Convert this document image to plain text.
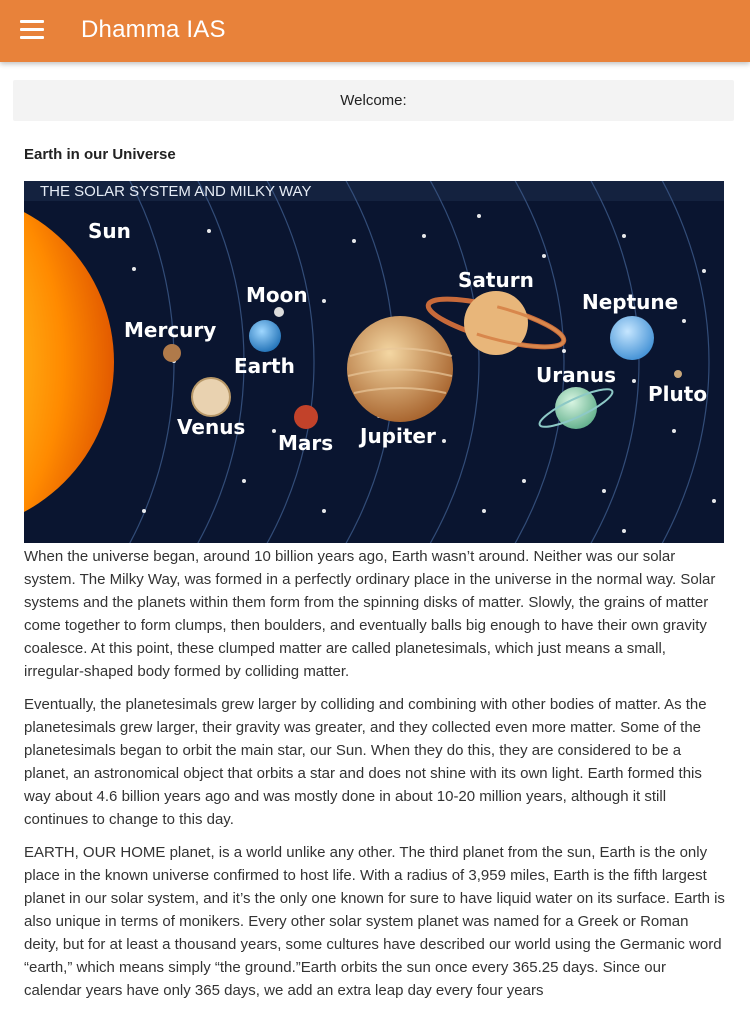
Dhamma IAS
Welcome:
Earth in our Universe
THE SOLAR SYSTEM AND MILKY WAY
Sun
Mercury
Venus
Moon
Earth
Mars Jupiter
Saturn
Neptune
Uranus
Pluto

When the universe began, around 10 billion years ago, Earth wasn’t around. Neither was our solar system. The Milky Way, was formed in a perfectly ordinary place in the universe in the normal way. Solar systems and the planets within them form from the spinning disks of matter. Slowly, the grains of matter come together to form clumps, then boulders, and eventually balls big enough to have their own gravity coalesce. At this point, these clumped matter are called planetesimals, which just means a small, irregular-shaped body formed by colliding matter.

Eventually, the planetesimals grew larger by colliding and combining with other bodies of matter. As the planetesimals grew larger, their gravity was greater, and they collected even more matter. Some of the planetesimals began to orbit the main star, our Sun. When they do this, they are considered to be a planet, an astronomical object that orbits a star and does not shine with its own light. Earth formed this way about 4.6 billion years ago and was mostly done in about 10-20 million years, although it still continues to change to this day.

EARTH, OUR HOME planet, is a world unlike any other. The third planet from the sun, Earth is the only place in the known universe confirmed to host life. With a radius of 3,959 miles, Earth is the fifth largest planet in our solar system, and it’s the only one known for sure to have liquid water on its surface. Earth is also unique in terms of monikers. Every other solar system planet was named for a Greek or Roman deity, but for at least a thousand years, some cultures have described our world using the Germanic word “earth,” which means simply “the ground.”Earth orbits the sun once every 365.25 days. Since our calendar years have only 365 days, we add an extra leap day every four years
